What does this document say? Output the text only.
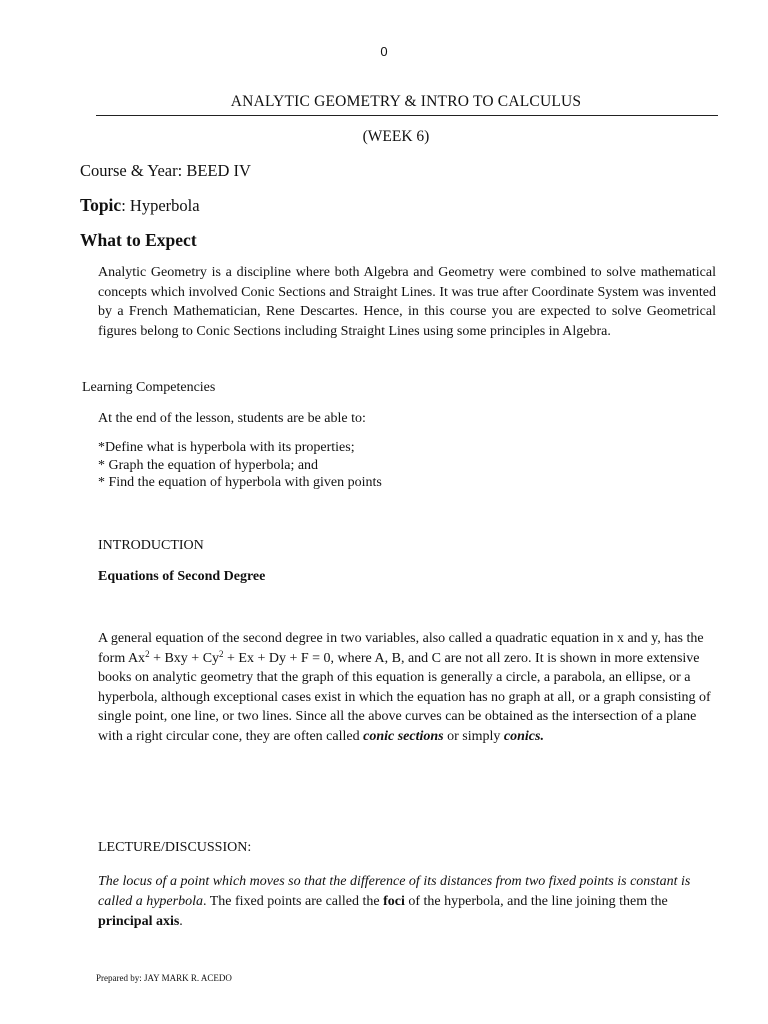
0
ANALYTIC GEOMETRY & INTRO TO CALCULUS
(WEEK 6)
Course & Year: BEED IV
Topic: Hyperbola
What to Expect
Analytic Geometry is a discipline where both Algebra and Geometry were combined to solve mathematical concepts which involved Conic Sections and Straight Lines. It was true after Coordinate System was invented by a French Mathematician, Rene Descartes. Hence, in this course you are expected to solve Geometrical figures belong to Conic Sections including Straight Lines using some principles in Algebra.
Learning Competencies
At the end of the lesson, students are be able to:
*Define what is hyperbola with its properties;
* Graph the equation of hyperbola; and
* Find the equation of hyperbola with given points
INTRODUCTION
Equations of Second Degree
A general equation of the second degree in two variables, also called a quadratic equation in x and y, has the form $Ax^2$ + Bxy + $Cy^2 + Ex + Dy + F = 0$, where A, B, and C are not all zero. It is shown in more extensive books on analytic geometry that the graph of this equation is generally a circle, a parabola, an ellipse, or a hyperbola, although exceptional cases exist in which the equation has no graph at all, or a graph consisting of single point, one line, or two lines. Since all the above curves can be obtained as the intersection of a plane with a right circular cone, they are often called conic sections or simply conics.
LECTURE/DISCUSSION:
The locus of a point which moves so that the difference of its distances from two fixed points is constant is called a hyperbola. The fixed points are called the foci of the hyperbola, and the line joining them the principal axis.
Prepared by: JAY MARK R. ACEDO
